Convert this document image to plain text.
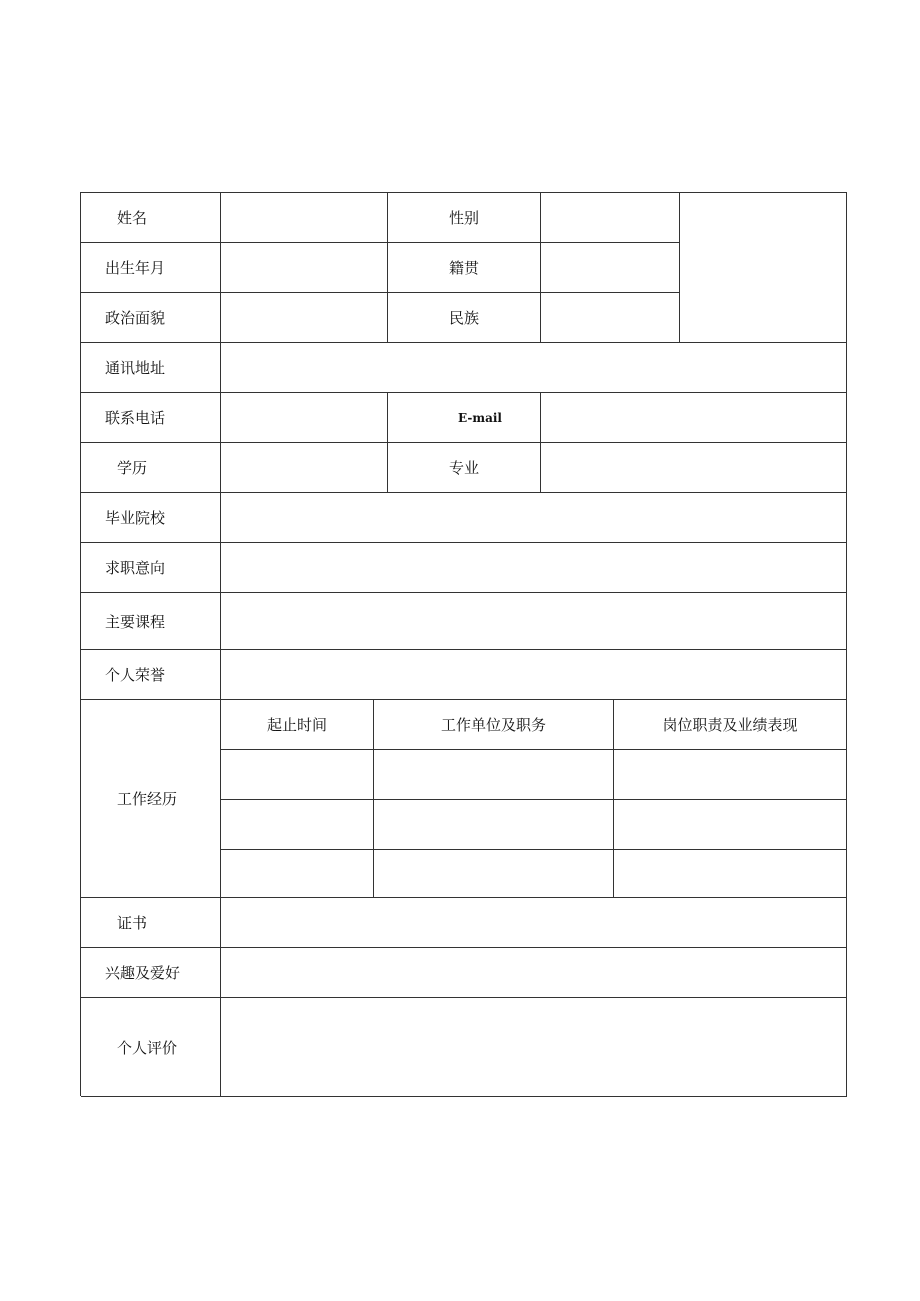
姓名	性别
出生年月	籍贯
政治面貌	民族
通讯地址
联系电话	E-mail
学历	专业
毕业院校
求职意向
主要课程
个人荣誉
工作经历
起止时间	工作单位及职务	岗位职责及业绩表现
证书
兴趣及爱好
个人评价
